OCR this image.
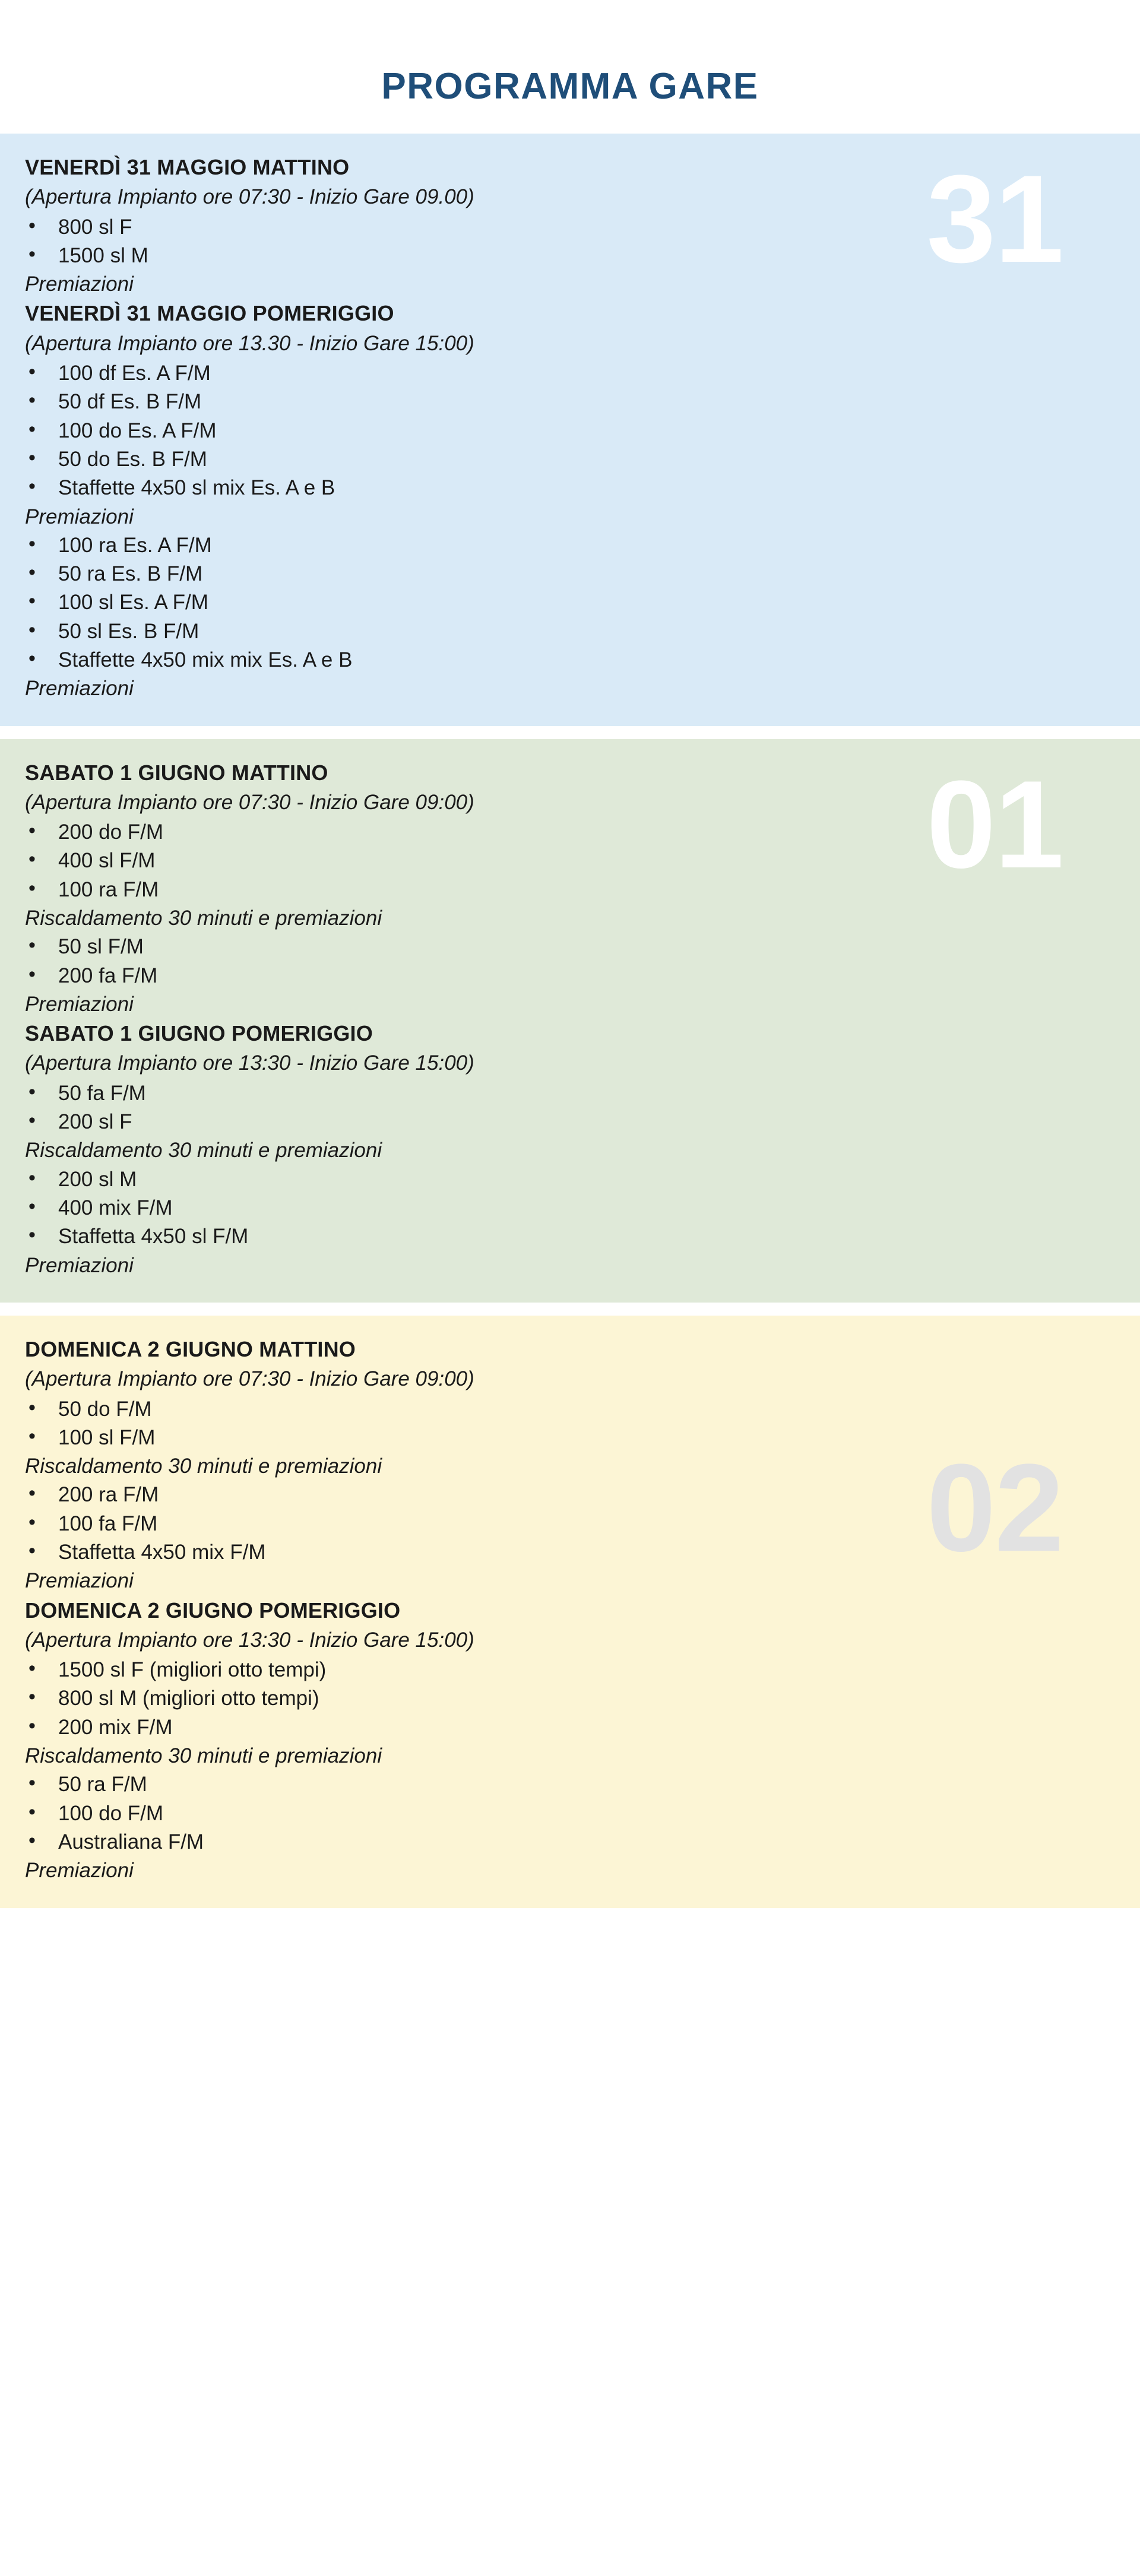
PROGRAMMA GARE
31
VENERDÌ 31 MAGGIO MATTINO
(Apertura Impianto ore 07:30 - Inizio Gare 09.00)
• 800 sl F
• 1500 sl M
Premiazioni
VENERDÌ 31 MAGGIO POMERIGGIO
(Apertura Impianto ore 13.30 - Inizio Gare 15:00)
• 100 df Es. A F/M
• 50 df Es. B F/M
• 100 do Es. A F/M
• 50 do Es. B F/M
• Staffette 4x50 sl mix Es. A e B
Premiazioni
• 100 ra Es. A F/M
• 50 ra Es. B F/M
• 100 sl Es. A F/M
• 50 sl Es. B F/M
• Staffette 4x50 mix mix Es. A e B
Premiazioni
01
SABATO 1 GIUGNO MATTINO
(Apertura Impianto ore 07:30 - Inizio Gare 09:00)
• 200 do F/M
• 400 sl F/M
• 100 ra F/M
Riscaldamento 30 minuti e premiazioni
• 50 sl F/M
• 200 fa F/M
Premiazioni
SABATO 1 GIUGNO POMERIGGIO
(Apertura Impianto ore 13:30 - Inizio Gare 15:00)
• 50 fa F/M
• 200 sl F
Riscaldamento 30 minuti e premiazioni
• 200 sl M
• 400 mix F/M
• Staffetta 4x50 sl F/M
Premiazioni
02
DOMENICA 2 GIUGNO MATTINO
(Apertura Impianto ore 07:30 - Inizio Gare 09:00)
• 50 do F/M
• 100 sl F/M
Riscaldamento 30 minuti e premiazioni
• 200 ra F/M
• 100 fa F/M
• Staffetta 4x50 mix F/M
Premiazioni
DOMENICA 2 GIUGNO POMERIGGIO
(Apertura Impianto ore 13:30 - Inizio Gare 15:00)
• 1500 sl F (migliori otto tempi)
• 800 sl M (migliori otto tempi)
• 200 mix F/M
Riscaldamento 30 minuti e premiazioni
• 50 ra F/M
• 100 do F/M
• Australiana F/M
Premiazioni
